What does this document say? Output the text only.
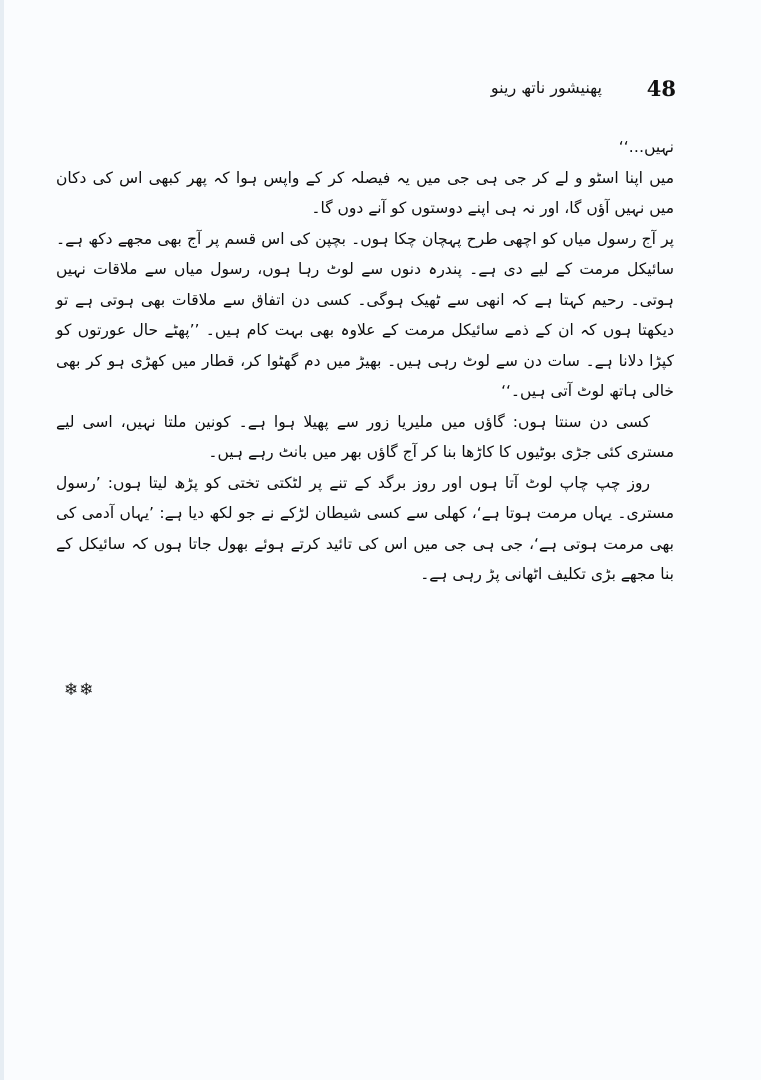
48
پھنیشور ناتھ رینو

نہیں…‘‘

میں اپنا اسٹو و لے کر جی ہی جی میں یہ فیصلہ کر کے واپس ہوا کہ پھر کبھی اس کی دکان میں نہیں آؤں گا، اور نہ ہی اپنے دوستوں کو آنے دوں گا۔

پر آج رسول میاں کو اچھی طرح پہچان چکا ہوں۔ بچپن کی اس قسم پر آج بھی مجھے دکھ ہے۔ سائیکل مرمت کے لیے دی ہے۔ پندرہ دنوں سے لوٹ رہا ہوں، رسول میاں سے ملاقات نہیں ہوتی۔ رحیم کہتا ہے کہ انھی سے ٹھیک ہوگی۔ کسی دن اتفاق سے ملاقات بھی ہوتی ہے تو دیکھتا ہوں کہ ان کے ذمے سائیکل مرمت کے علاوہ بھی بہت کام ہیں۔ ’’پھٹے حال عورتوں کو کپڑا دلانا ہے۔ سات دن سے لوٹ رہی ہیں۔ بھیڑ میں دم گھٹوا کر، قطار میں کھڑی ہو کر بھی خالی ہاتھ لوٹ آتی ہیں۔‘‘

کسی دن سنتا ہوں: گاؤں میں ملیریا زور سے پھیلا ہوا ہے۔ کونین ملتا نہیں، اسی لیے مستری کئی جڑی بوٹیوں کا کاڑھا بنا کر آج گاؤں بھر میں بانٹ رہے ہیں۔

روز چپ چاپ لوٹ آتا ہوں اور روز برگد کے تنے پر لٹکتی تختی کو پڑھ لیتا ہوں: ’رسول مستری۔ یہاں مرمت ہوتا ہے‘، کھلی سے کسی شیطان لڑکے نے جو لکھ دیا ہے: ’یہاں آدمی کی بھی مرمت ہوتی ہے‘، جی ہی جی میں اس کی تائید کرتے ہوئے بھول جاتا ہوں کہ سائیکل کے بنا مجھے بڑی تکلیف اٹھانی پڑ رہی ہے۔

❄❄
